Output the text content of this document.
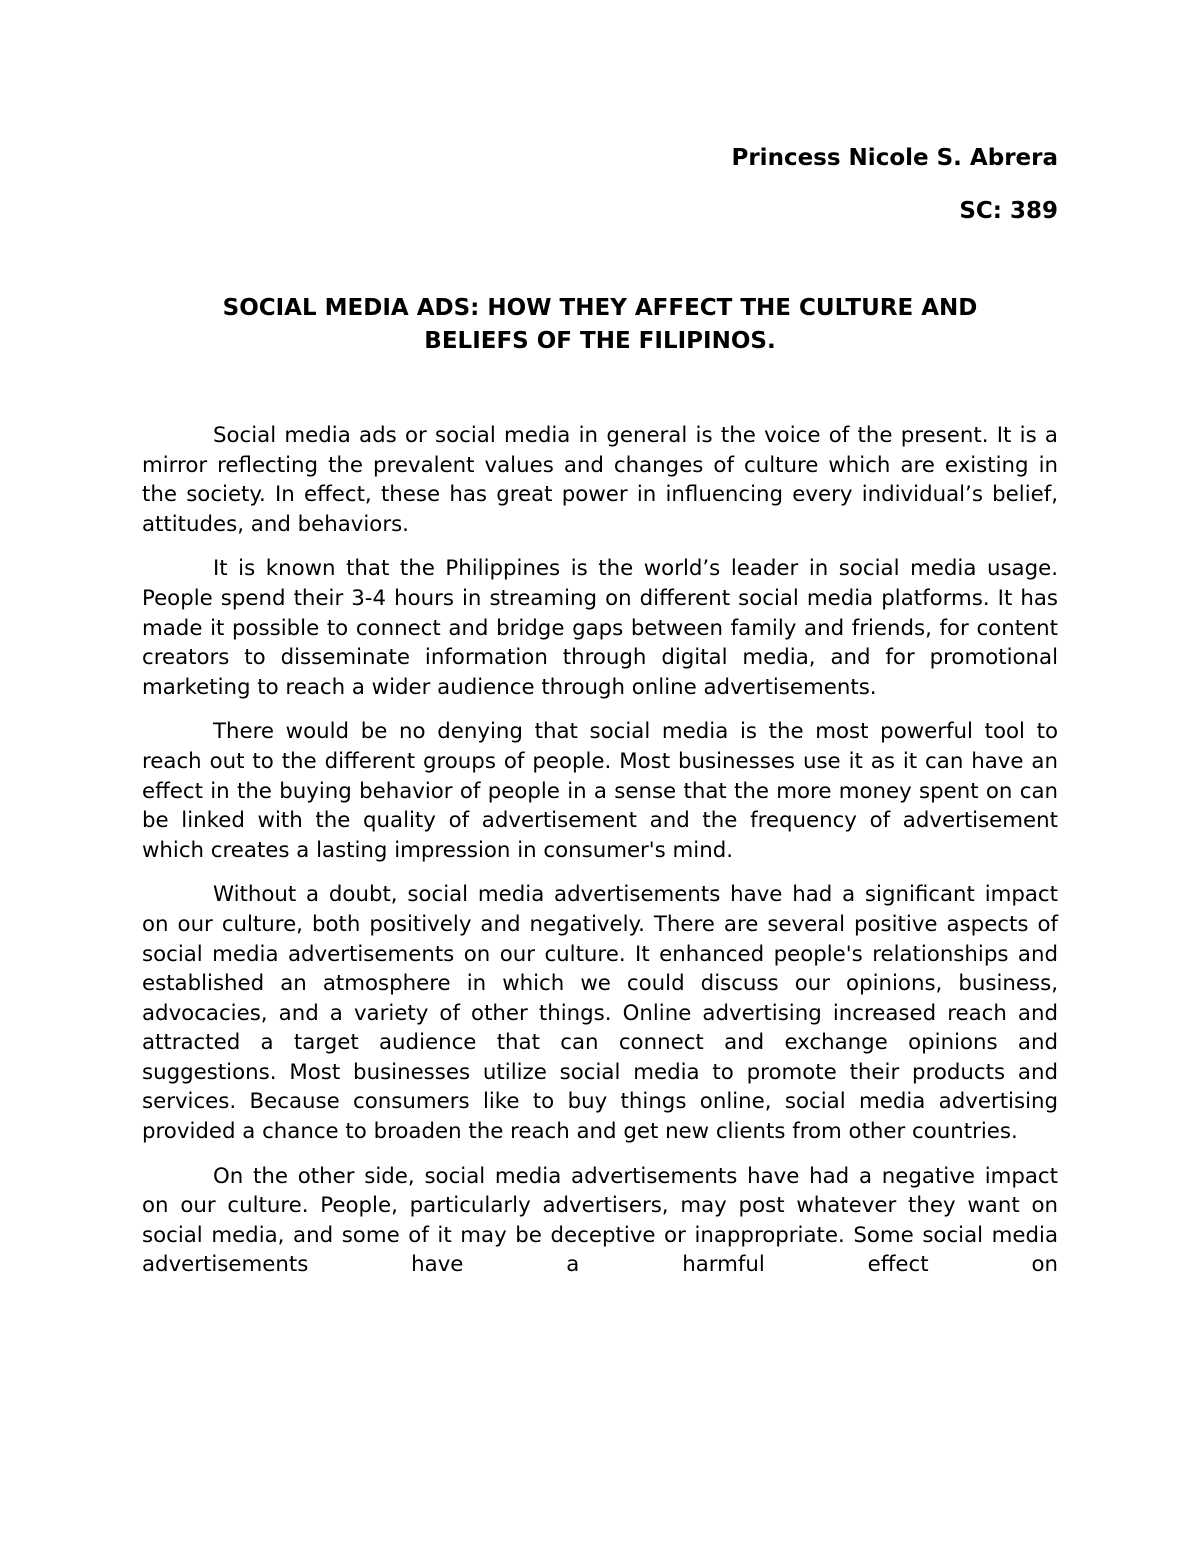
Princess Nicole S. Abrera

SC: 389

SOCIAL MEDIA ADS: HOW THEY AFFECT THE CULTURE AND
BELIEFS OF THE FILIPINOS.

Social media ads or social media in general is the voice of the present. It is a mirror reflecting the prevalent values and changes of culture which are existing in the society. In effect, these has great power in influencing every individual’s belief, attitudes, and behaviors.

It is known that the Philippines is the world’s leader in social media usage. People spend their 3-4 hours in streaming on different social media platforms. It has made it possible to connect and bridge gaps between family and friends, for content creators to disseminate information through digital media, and for promotional marketing to reach a wider audience through online advertisements.

There would be no denying that social media is the most powerful tool to reach out to the different groups of people. Most businesses use it as it can have an effect in the buying behavior of people in a sense that the more money spent on can be linked with the quality of advertisement and the frequency of advertisement which creates a lasting impression in consumer's mind.

Without a doubt, social media advertisements have had a significant impact on our culture, both positively and negatively. There are several positive aspects of social media advertisements on our culture. It enhanced people's relationships and established an atmosphere in which we could discuss our opinions, business, advocacies, and a variety of other things. Online advertising increased reach and attracted a target audience that can connect and exchange opinions and suggestions. Most businesses utilize social media to promote their products and services. Because consumers like to buy things online, social media advertising provided a chance to broaden the reach and get new clients from other countries.

On the other side, social media advertisements have had a negative impact on our culture. People, particularly advertisers, may post whatever they want on social media, and some of it may be deceptive or inappropriate. Some social media advertisements have a harmful effect on
